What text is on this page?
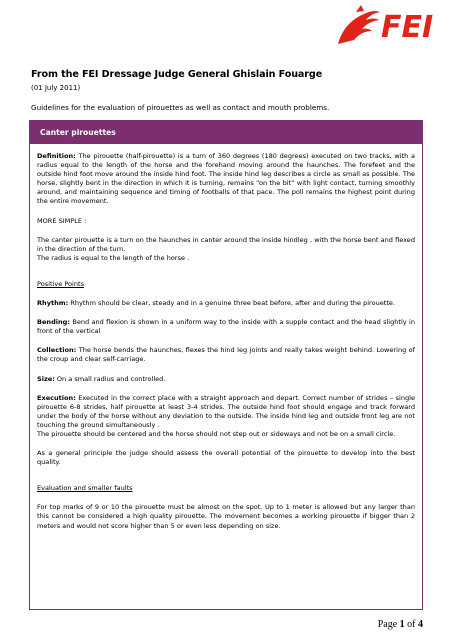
FEI
From the FEI Dressage Judge General Ghislain Fouarge
(01 July 2011)
Guidelines for the evaluation of pirouettes as well as contact and mouth problems.
Canter pirouettes

Definition: The pirouette (half-pirouette) is a turn of 360 degrees (180 degrees) executed on two tracks, with a radius equal to the length of the horse and the forehand moving around the haunches. The forefeet and the outside hind foot move around the inside hind foot. The inside hind leg describes a circle as small as possible. The horse, slightly bent in the direction in which it is turning, remains “on the bit” with light contact, turning smoothly around, and maintaining sequence and timing of footballs of that pace. The poll remains the highest point during the entire movement.

MORE SIMPLE :

The canter pirouette is a turn on the haunches in canter around the inside hindleg , with the horse bent and flexed in the direction of the turn.

The radius is equal to the length of the horse .

Positive Points

Rhythm: Rhythm should be clear, steady and in a genuine three beat before, after and during the pirouette.

Bending: Bend and flexion is shown in a uniform way to the inside with a supple contact and the head slightly in front of the vertical

Collection: The horse bends the haunches, flexes the hind leg joints and really takes weight behind. Lowering of the croup and clear self-carriage.

Size: On a small radius and controlled.

Execution: Executed in the correct place with a straight approach and depart. Correct number of strides – single pirouette 6-8 strides, half pirouette at least 3-4 strides. The outside hind foot should engage and track forward under the body of the horse without any deviation to the outside. The inside hind leg and outside front leg are not touching the ground simultaneously .

The pirouette should be centered and the horse should not step out or sideways and not be on a small circle.

As a general principle the judge should assess the overall potential of the pirouette to develop into the best quality.

Evaluation and smaller faults

For top marks of 9 or 10 the pirouette must be almost on the spot. Up to 1 meter is allowed but any larger than this cannot be considered a high quality pirouette. The movement becomes a working pirouette if bigger than 2 meters and would not score higher than 5 or even less depending on size.

Page 1 of 4
